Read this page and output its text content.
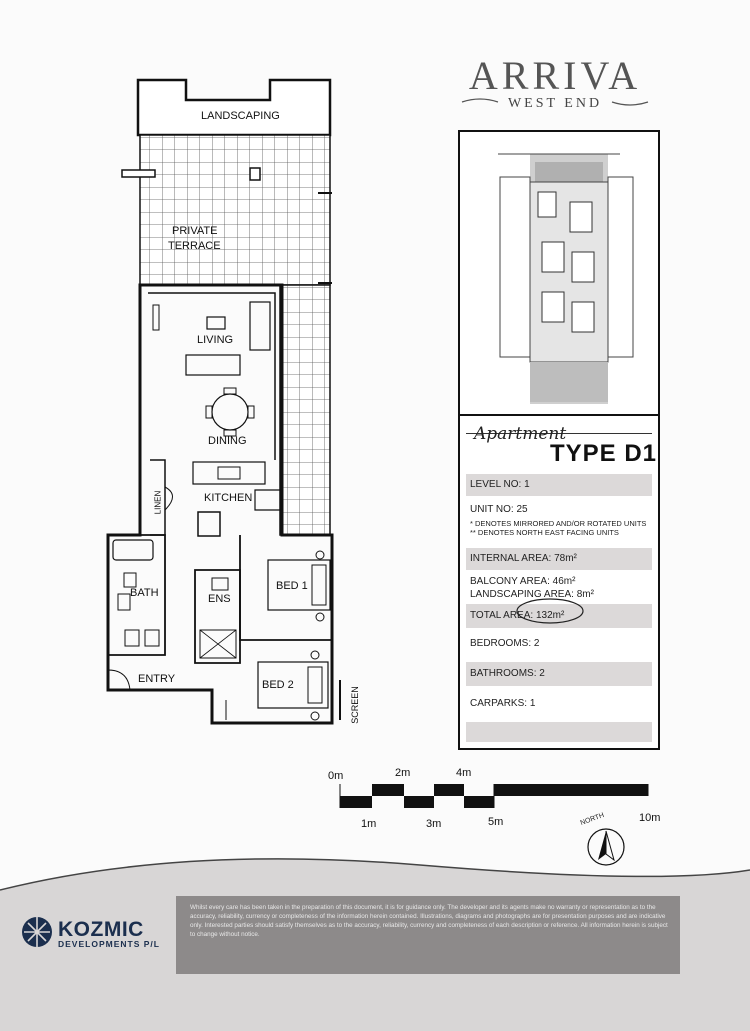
LANDSCAPING
PRIVATE
TERRACE
LIVING
DINING
KITCHEN
LINEN
BATH	ENS
BED 1
BED 2
ENTRY
SCREEN
ARRIVA
WEST END
Apartment
TYPE D1
LEVEL NO: 1
UNIT NO: 25
* DENOTES MIRRORED AND/OR ROTATED UNITS
** DENOTES NORTH EAST FACING UNITS
INTERNAL AREA: 78m²
BALCONY AREA: 46m²
LANDSCAPING AREA: 8m²
TOTAL AREA: 132m²
BEDROOMS: 2
BATHROOMS: 2
CARPARKS: 1
0m
1m
2m
3m
4m
5m	10m
NORTH
Whilst every care has been taken in the preparation of this document, it is for guidance only. The developer and its agents make no warranty or representation as to the accuracy, reliability, currency or completeness of the information herein contained. Illustrations, diagrams and photographs are for presentation purposes and are indicative only. Interested parties should satisfy themselves as to the accuracy, reliability, currency and completeness of each description or reference. All information herein is subject to change without notice.
KOZMIC
DEVELOPMENTS P/L
